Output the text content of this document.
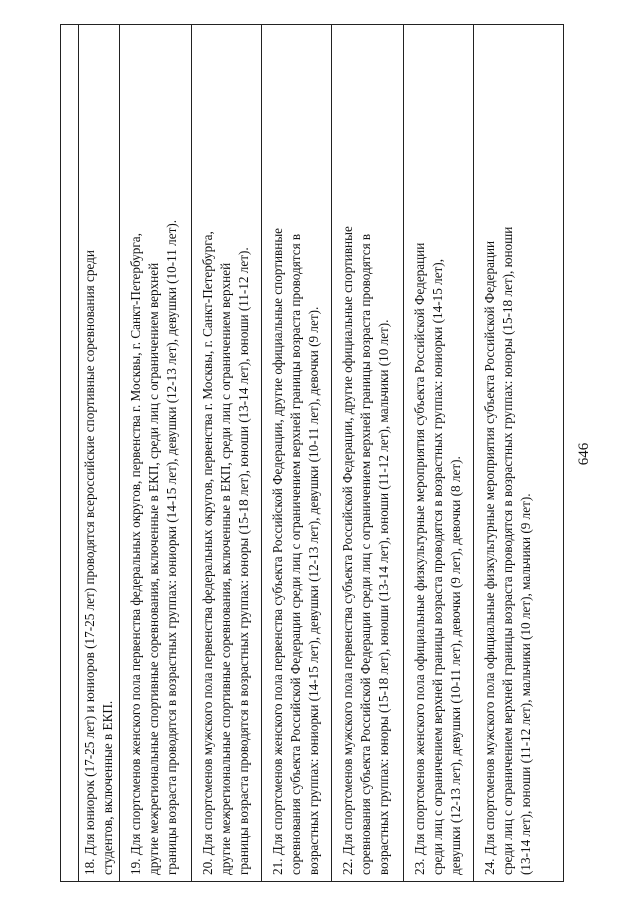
646
18. Для юниорок (17-25 лет) и юниоров (17-25 лет) проводятся всероссийские спортивные соревнования среди студентов, включенные в ЕКП. 19. Для спортсменов женского пола первенства федеральных округов, первенства г. Москвы, г. Санкт-Петербурга, другие межрегиональные спортивные соревнования, включенные в ЕКП, среди лиц с ограничением верхней границы возраста проводятся в возрастных группах: юниорки (14-15 лет), девушки (12-13 лет), девушки (10-11 лет). 20. Для спортсменов мужского пола первенства федеральных округов, первенства г. Москвы, г. Санкт-Петербурга, другие межрегиональные спортивные соревнования, включенные в ЕКП, среди лиц с ограничением верхней границы возраста проводятся в возрастных группах: юноры (15-18 лет), юноши (13-14 лет), юноши (11-12 лет). 21. Для спортсменов женского пола первенства субъекта Российской Федерации, другие официальные спортивные соревнования субъекта Российской Федерации среди лиц с ограничением верхней границы возраста проводятся в возрастных группах: юниорки (14-15 лет), девушки (12-13 лет), девушки (10-11 лет), девочки (9 лет). 22. Для спортсменов мужского пола первенства субъекта Российской Федерации, другие официальные спортивные соревнования субъекта Российской Федерации среди лиц с ограничением верхней границы возраста проводятся в возрастных группах: юноры (15-18 лет), юноши (13-14 лет), юноши (11-12 лет), мальчики (10 лет). 23. Для спортсменов женского пола официальные физкультурные мероприятия субъекта Российской Федерации среди лиц с ограничением верхней границы возраста проводятся в возрастных группах: юниорки (14-15 лет), девушки (12-13 лет), девушки (10-11 лет), девочки (9 лет), девочки (8 лет). 24. Для спортсменов мужского пола официальные физкультурные мероприятия субъекта Российской Федерации среди лиц с ограничением верхней границы возраста проводятся в возрастных группах: юноры (15-18 лет), юноши (13-14 лет), юноши (11-12 лет), мальчики (10 лет), мальчики (9 лет).
